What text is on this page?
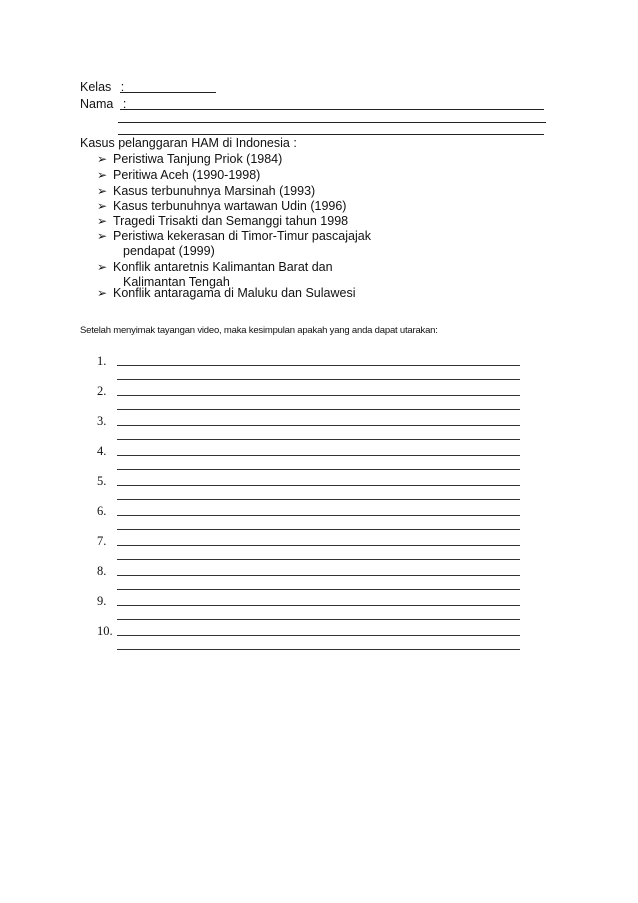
Kelas :
Nama :
Kasus pelanggaran HAM di Indonesia :
➢ Peristiwa Tanjung Priok (1984)
➢ Peritiwa Aceh (1990-1998)
➢ Kasus terbunuhnya Marsinah (1993)
➢ Kasus terbunuhnya wartawan Udin (1996)
➢ Tragedi Trisakti dan Semanggi tahun 1998
➢ Peristiwa kekerasan di Timor-Timur pascajajak
pendapat (1999)
➢ Konflik antaretnis Kalimantan Barat dan
Kalimantan Tengah
➢ Konflik antaragama di Maluku dan Sulawesi
Setelah menyimak tayangan video, maka kesimpulan apakah yang anda dapat utarakan:
1.
2.
3.
4.
5.
6.
7.
8.
9.
10.
